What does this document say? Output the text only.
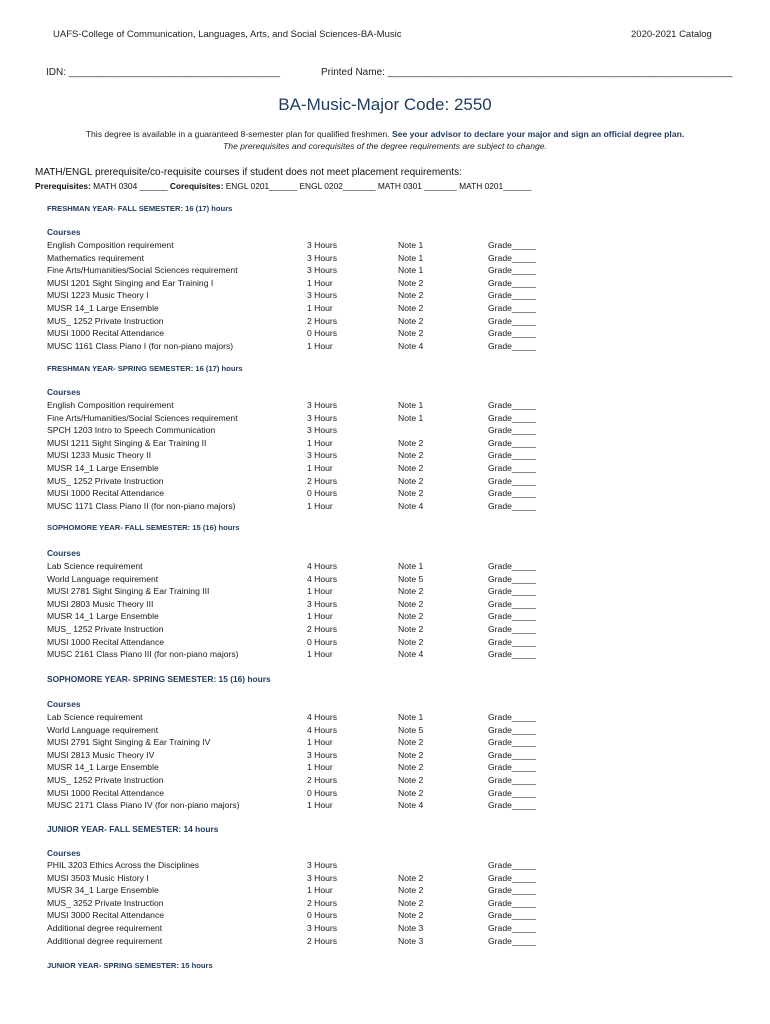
UAFS-College of Communication, Languages, Arts, and Social Sciences-BA-Music	2020-2021 Catalog
IDN: ______________________________________	Printed Name: ______________________________________________________________
BA-Music-Major Code: 2550
This degree is available in a guaranteed 8-semester plan for qualified freshmen. See your advisor to declare your major and sign an official degree plan.
The prerequisites and corequisites of the degree requirements are subject to change.
MATH/ENGL prerequisite/co-requisite courses if student does not meet placement requirements:
Prerequisites: MATH 0304 ______ Corequisites: ENGL 0201______ ENGL 0202_______ MATH 0301 _______ MATH 0201______
FRESHMAN YEAR- FALL SEMESTER: 16 (17) hours
Courses
English Composition requirement	3 Hours	Note 1	Grade_____
Mathematics requirement	3 Hours	Note 1	Grade_____
Fine Arts/Humanities/Social Sciences requirement	3 Hours	Note 1	Grade_____
MUSI 1201 Sight Singing and Ear Training I	1 Hour	Note 2	Grade_____
MUSI 1223 Music Theory I	3 Hours	Note 2	Grade_____
MUSR 14_1 Large Ensemble	1 Hour	Note 2	Grade_____
MUS_ 1252 Private Instruction	2 Hours	Note 2	Grade_____
MUSI 1000 Recital Attendance	0 Hours	Note 2	Grade_____
MUSC 1161 Class Piano I (for non-piano majors)	1 Hour	Note 4	Grade_____
FRESHMAN YEAR- SPRING SEMESTER: 16 (17) hours
Courses
English Composition requirement	3 Hours	Note 1	Grade_____
Fine Arts/Humanities/Social Sciences requirement	3 Hours	Note 1	Grade_____
SPCH 1203 Intro to Speech Communication	3 Hours	Grade_____
MUSI 1211 Sight Singing & Ear Training II	1 Hour	Note 2	Grade_____
MUSI 1233 Music Theory II	3 Hours	Note 2	Grade_____
MUSR 14_1 Large Ensemble	1 Hour	Note 2	Grade_____
MUS_ 1252 Private Instruction	2 Hours	Note 2	Grade_____
MUSI 1000 Recital Attendance	0 Hours	Note 2	Grade_____
MUSC 1171 Class Piano II (for non-piano majors)	1 Hour	Note 4	Grade_____
SOPHOMORE YEAR- FALL SEMESTER: 15 (16) hours
Courses
Lab Science requirement	4 Hours	Note 1	Grade_____
World Language requirement	4 Hours	Note 5	Grade_____
MUSI 2781 Sight Singing & Ear Training III	1 Hour	Note 2	Grade_____
MUSI 2803 Music Theory III	3 Hours	Note 2	Grade_____
MUSR 14_1 Large Ensemble	1 Hour	Note 2	Grade_____
MUS_ 1252 Private Instruction	2 Hours	Note 2	Grade_____
MUSI 1000 Recital Attendance	0 Hours	Note 2	Grade_____
MUSC 2161 Class Piano III (for non-piano majors)	1 Hour	Note 4	Grade_____
SOPHOMORE YEAR- SPRING SEMESTER: 15 (16) hours
Courses
Lab Science requirement	4 Hours	Note 1	Grade_____
World Language requirement	4 Hours	Note 5	Grade_____
MUSI 2791 Sight Singing & Ear Training IV	1 Hour	Note 2	Grade_____
MUSI 2813 Music Theory IV	3 Hours	Note 2	Grade_____
MUSR 14_1 Large Ensemble	1 Hour	Note 2	Grade_____
MUS_ 1252 Private Instruction	2 Hours	Note 2	Grade_____
MUSI 1000 Recital Attendance	0 Hours	Note 2	Grade_____
MUSC 2171 Class Piano IV (for non-piano majors)	1 Hour	Note 4	Grade_____
JUNIOR YEAR- FALL SEMESTER: 14 hours
Courses
PHIL 3203 Ethics Across the Disciplines	3 Hours	Grade_____
MUSI 3503 Music History I	3 Hours	Note 2	Grade_____
MUSR 34_1 Large Ensemble	1 Hour	Note 2	Grade_____
MUS_ 3252 Private Instruction	2 Hours	Note 2	Grade_____
MUSI 3000 Recital Attendance	0 Hours	Note 2	Grade_____
Additional degree requirement	3 Hours	Note 3	Grade_____
Additional degree requirement	2 Hours	Note 3	Grade_____
JUNIOR YEAR- SPRING SEMESTER: 15 hours
